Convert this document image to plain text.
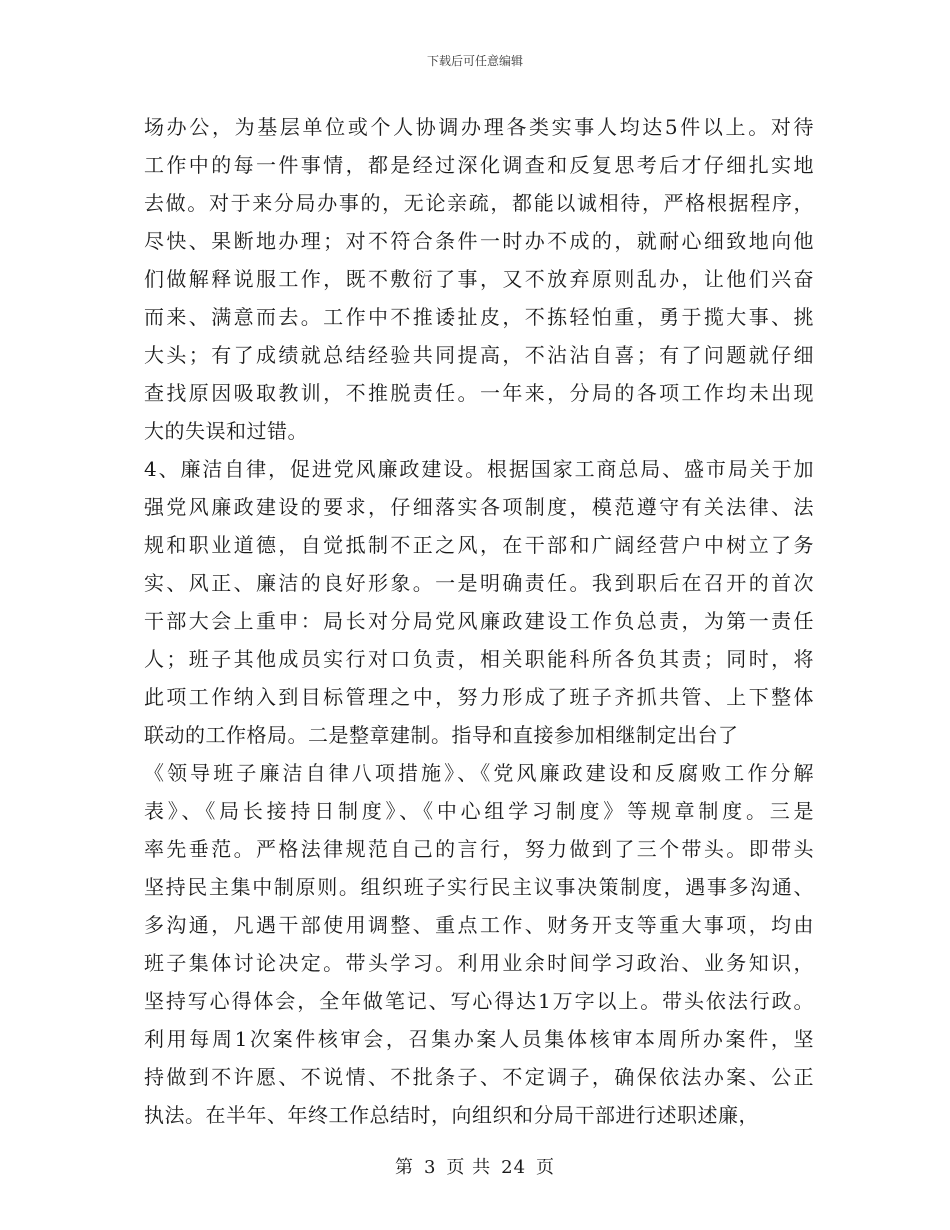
下载后可任意编辑
场办公，为基层单位或个人协调办理各类实事人均达5件以上。对待
工作中的每一件事情，都是经过深化调查和反复思考后才仔细扎实地
去做。对于来分局办事的，无论亲疏，都能以诚相待，严格根据程序，
尽快、果断地办理；对不符合条件一时办不成的，就耐心细致地向他
们做解释说服工作，既不敷衍了事，又不放弃原则乱办，让他们兴奋
而来、满意而去。工作中不推诿扯皮，不拣轻怕重，勇于揽大事、挑
大头；有了成绩就总结经验共同提高，不沾沾自喜；有了问题就仔细
查找原因吸取教训，不推脱责任。一年来，分局的各项工作均未出现
大的失误和过错。
4、廉洁自律，促进党风廉政建设。根据国家工商总局、盛市局关于加
强党风廉政建设的要求，仔细落实各项制度，模范遵守有关法律、法
规和职业道德，自觉抵制不正之风，在干部和广阔经营户中树立了务
实、风正、廉洁的良好形象。一是明确责任。我到职后在召开的首次
干部大会上重申：局长对分局党风廉政建设工作负总责，为第一责任
人；班子其他成员实行对口负责，相关职能科所各负其责；同时，将
此项工作纳入到目标管理之中，努力形成了班子齐抓共管、上下整体
联动的工作格局。二是整章建制。指导和直接参加相继制定出台了
《领导班子廉洁自律八项措施》、《党风廉政建设和反腐败工作分解
表》、《局长接持日制度》、《中心组学习制度》等规章制度。三是
率先垂范。严格法律规范自己的言行，努力做到了三个带头。即带头
坚持民主集中制原则。组织班子实行民主议事决策制度，遇事多沟通、
多沟通，凡遇干部使用调整、重点工作、财务开支等重大事项，均由
班子集体讨论决定。带头学习。利用业余时间学习政治、业务知识，
坚持写心得体会，全年做笔记、写心得达1万字以上。带头依法行政。
利用每周1次案件核审会，召集办案人员集体核审本周所办案件，坚
持做到不许愿、不说情、不批条子、不定调子，确保依法办案、公正
执法。在半年、年终工作总结时，向组织和分局干部进行述职述廉，
第 3 页 共 24 页
